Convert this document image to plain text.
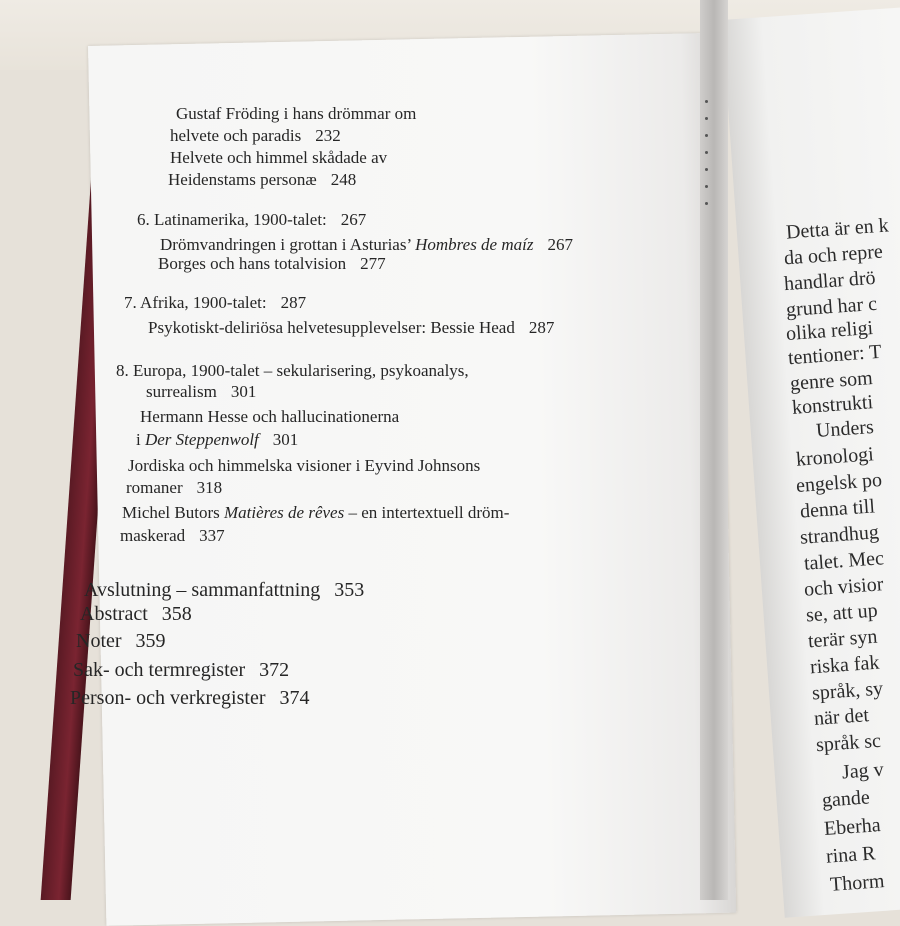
Gustaf Fröding i hans drömmar om
helvete och paradis 232
Helvete och himmel skådade av
Heidenstams personæ 248
6. Latinamerika, 1900-talet: 267
Drömvandringen i grottan i Asturias’ Hombres de maíz 267
Borges och hans totalvision 277
7. Afrika, 1900-talet: 287
Psykotiskt-deliriösa helvetesupplevelser: Bessie Head 287
8. Europa, 1900-talet – sekularisering, psykoanalys,
surrealism 301
Hermann Hesse och hallucinationerna
i Der Steppenwolf 301
Jordiska och himmelska visioner i Eyvind Johnsons
romaner 318
Michel Butors Matières de rêves – en intertextuell dröm-
maskerad 337
Avslutning – sammanfattning 353
Abstract 358
Noter 359
Sak- och termregister 372
Person- och verkregister 374
Detta är en k
da och repre
handlar drö
grund har c
olika religi
tentioner: T
genre som
konstrukti
Unders
kronologi
engelsk po
denna till
strandhug
talet. Mec
och visior
se, att up
terär syn
riska fak
språk, sy
när det
språk sc
Jag v
gande
Eberha
rina R
Thorm
